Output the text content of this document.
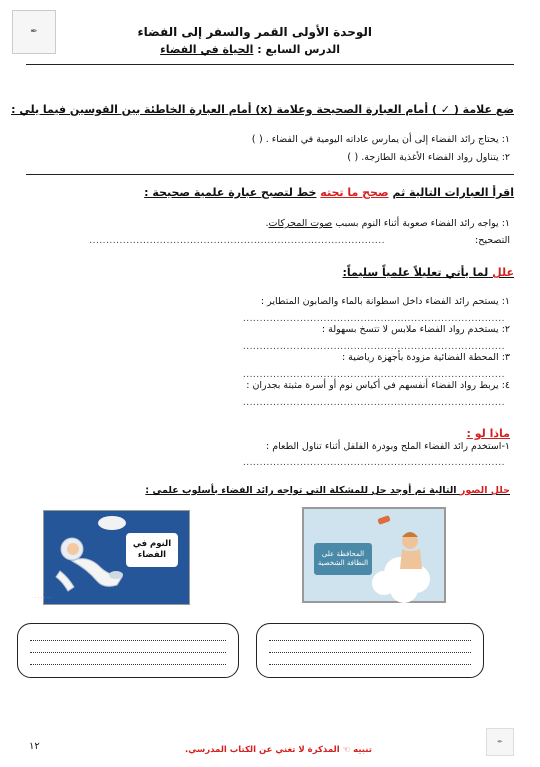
✒
✒
الوحدة الأولى القمر والسفر إلى الفضاء
الدرس السابع : الحياة في الفضاء
ضع علامة ( ✓ ) أمام العبارة الصحيحة وعلامة (x) أمام العبارة الخاطئة بين القوسين فيما يلي :
١: يحتاج رائد الفضاء إلى أن يمارس عاداته اليومية في الفضاء . ( )
٢: يتناول رواد الفضاء الأغذية الطازجة. ( )
اقرأ العبارات التالية ثم صحح ما تحته خط لتصبح عبارة علمية صحيحة :
١: يواجه رائد الفضاء صعوبة أثناء النوم بسبب صوت المحركات.
التصحيح:
........................................................................................
علل لما يأتي تعليلاً علمياً سليماً:
١: يستحم رائد الفضاء داخل اسطوانة بالماء والصابون المتطاير :
..............................................................................
٢: يستخدم رواد الفضاء ملابس لا تتسخ بسهولة :
..............................................................................
٣: المحطة الفضائية مزودة بأجهزة رياضية :
..............................................................................
٤: يربط رواد الفضاء أنفسهم في أكياس نوم أو أسرة مثبتة بجدران :
..............................................................................
ماذا لو :
١-استخدم رائد الفضاء الملح وبودرة الفلفل أثناء تناول الطعام :
..............................................................................
حلل الصور التالية ثم أوجد حل للمشكلة التي تواجه رائد الفضاء بأسلوب علمي :
· · · · · · ·
النوم في الفضاء	المحافظة على النظافة الشخصية
تنبيه ☜ المذكرة لا تغني عن الكتاب المدرسي.
١٢
